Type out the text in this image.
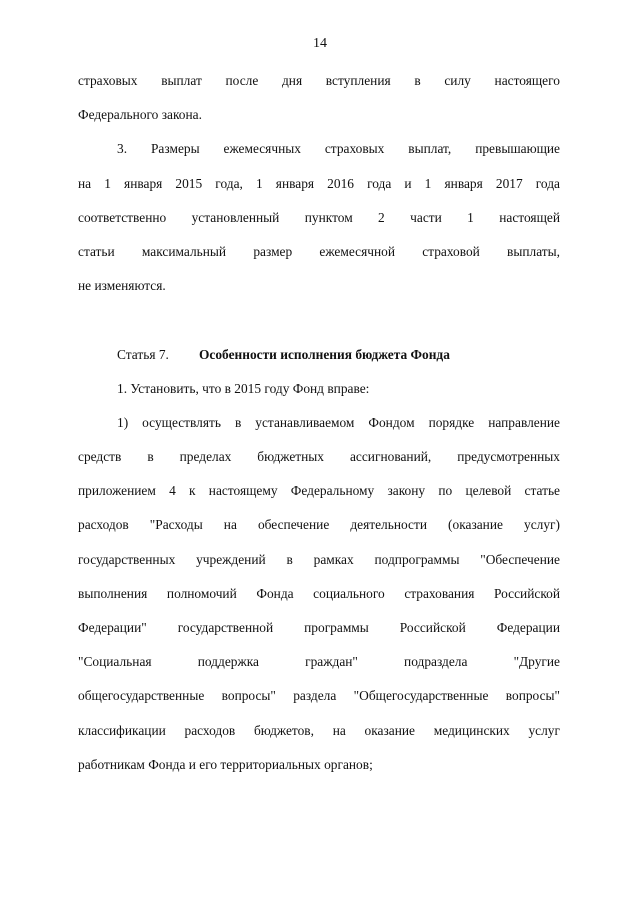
14
страховых выплат после дня вступления в силу настоящего
Федерального закона.
3. Размеры ежемесячных страховых выплат, превышающие
на 1 января 2015 года, 1 января 2016 года и 1 января 2017 года
соответственно установленный пунктом 2 части 1 настоящей
статьи максимальный размер ежемесячной страховой выплаты,
не изменяются.
Статья 7. Особенности исполнения бюджета Фонда
1. Установить, что в 2015 году Фонд вправе:
1) осуществлять в устанавливаемом Фондом порядке направление
средств в пределах бюджетных ассигнований, предусмотренных
приложением 4 к настоящему Федеральному закону по целевой статье
расходов "Расходы на обеспечение деятельности (оказание услуг)
государственных учреждений в рамках подпрограммы "Обеспечение
выполнения полномочий Фонда социального страхования Российской
Федерации" государственной программы Российской Федерации
"Социальная поддержка граждан" подраздела "Другие
общегосударственные вопросы" раздела "Общегосударственные вопросы"
классификации расходов бюджетов, на оказание медицинских услуг
работникам Фонда и его территориальных органов;
